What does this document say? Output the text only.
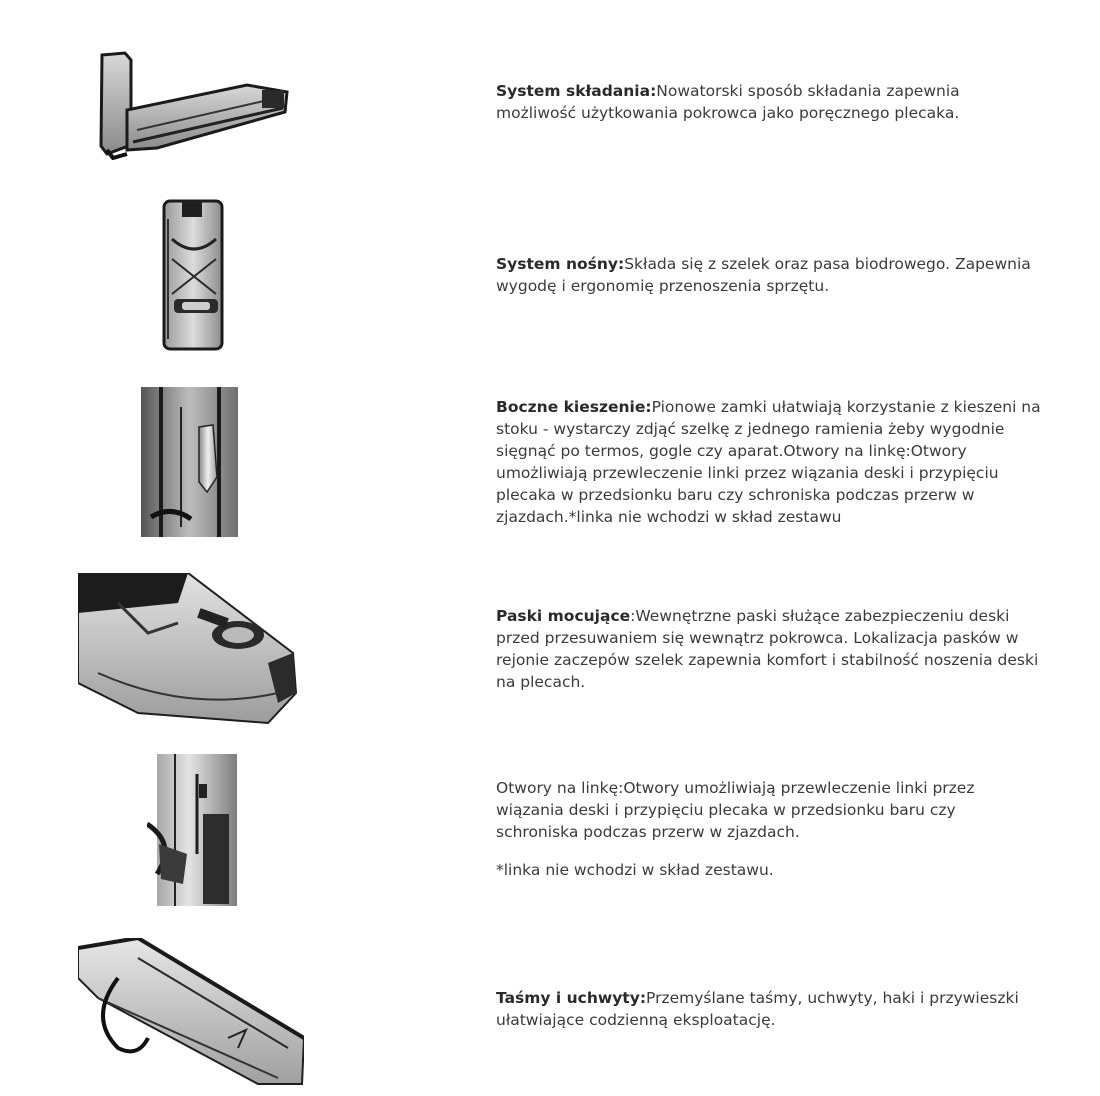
System składania:Nowatorski sposób składania zapewnia możliwość użytkowania pokrowca jako poręcznego plecaka.

System nośny:Składa się z szelek oraz pasa biodrowego. Zapewnia wygodę i ergonomię przenoszenia sprzętu.

Boczne kieszenie:Pionowe zamki ułatwiają korzystanie z kieszeni na stoku - wystarczy zdjąć szelkę z jednego ramienia żeby wygodnie sięgnąć po termos, gogle czy aparat.Otwory na linkę:Otwory umożliwiają przewleczenie linki przez wiązania deski i przypięciu plecaka w przedsionku baru czy schroniska podczas przerw w zjazdach.*linka nie wchodzi w skład zestawu

Paski mocujące:Wewnętrzne paski służące zabezpieczeniu deski przed przesuwaniem się wewnątrz pokrowca. Lokalizacja pasków w rejonie zaczepów szelek zapewnia komfort i stabilność noszenia deski na plecach.

Otwory na linkę:Otwory umożliwiają przewleczenie linki przez wiązania deski i przypięciu plecaka w przedsionku baru czy schroniska podczas przerw w zjazdach.

*linka nie wchodzi w skład zestawu.

Taśmy i uchwyty:Przemyślane taśmy, uchwyty, haki i przywieszki ułatwiające codzienną eksploatację.
